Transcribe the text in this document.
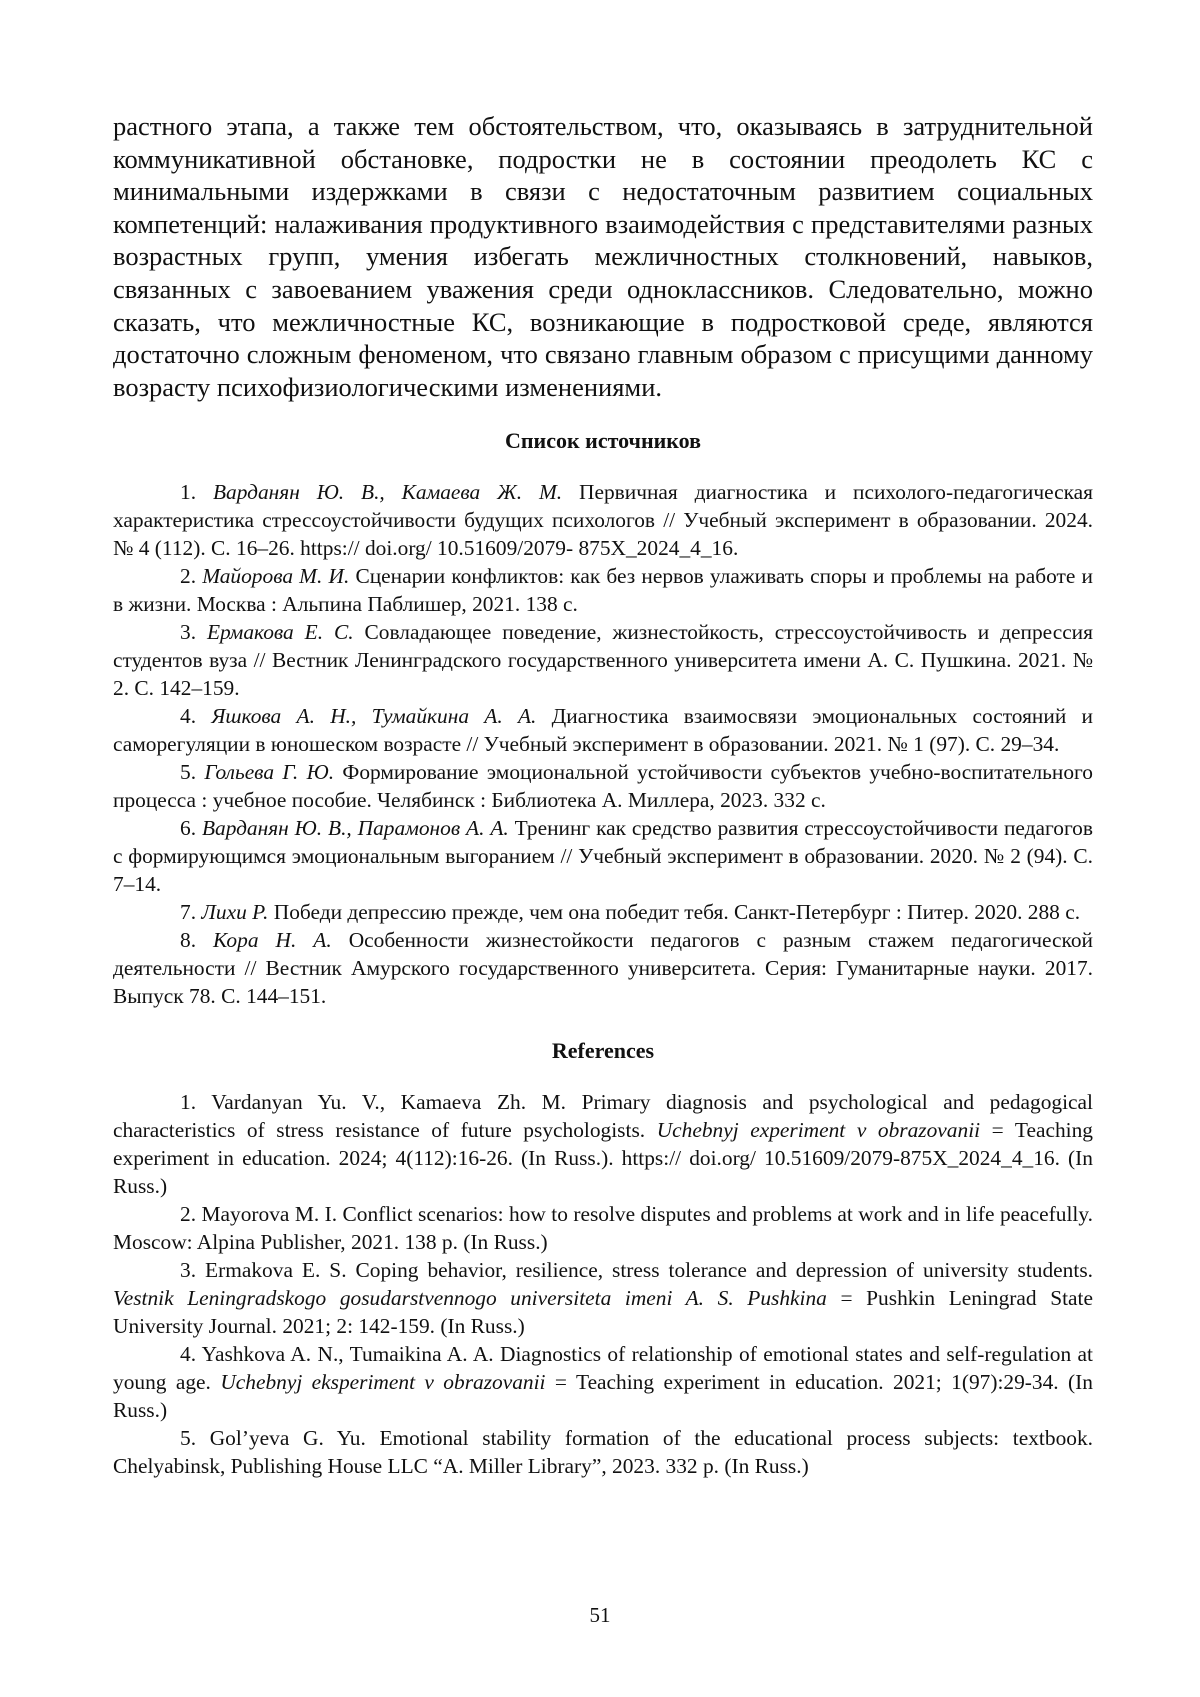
растного этапа, а также тем обстоятельством, что, оказываясь в затруднительной коммуникативной обстановке, подростки не в состоянии преодолеть КС с минимальными издержками в связи с недостаточным развитием социальных компетенций: налаживания продуктивного взаимодействия с представителями разных возрастных групп, умения избегать межличностных столкновений, навыков, связанных с завоеванием уважения среди одноклассников. Следовательно, можно сказать, что межличностные КС, возникающие в подростковой среде, являются достаточно сложным феноменом, что связано главным образом с присущими данному возрасту психофизиологическими изменениями.

Список источников

1. Варданян Ю. В., Камаева Ж. М. Первичная диагностика и психолого-педагогическая характеристика стрессоустойчивости будущих психологов // Учебный эксперимент в образовании. 2024. № 4 (112). С. 16–26. https:// doi.org/ 10.51609/2079- 875X_2024_4_16.

2. Майорова М. И. Сценарии конфликтов: как без нервов улаживать споры и проблемы на работе и в жизни. Москва : Альпина Паблишер, 2021. 138 с.

3. Ермакова Е. С. Совладающее поведение, жизнестойкость, стрессоустойчивость и депрессия студентов вуза // Вестник Ленинградского государственного университета имени А. С. Пушкина. 2021. № 2. С. 142–159.

4. Яшкова А. Н., Тумайкина А. А. Диагностика взаимосвязи эмоциональных состояний и саморегуляции в юношеском возрасте // Учебный эксперимент в образовании. 2021. № 1 (97). С. 29–34.

5. Гольева Г. Ю. Формирование эмоциональной устойчивости субъектов учебно-воспитательного процесса : учебное пособие. Челябинск : Библиотека А. Миллера, 2023. 332 с.

6. Варданян Ю. В., Парамонов А. А. Тренинг как средство развития стрессоустойчивости педагогов с формирующимся эмоциональным выгоранием // Учебный эксперимент в образовании. 2020. № 2 (94). С. 7–14.

7. Лихи Р. Победи депрессию прежде, чем она победит тебя. Санкт-Петербург : Питер. 2020. 288 с.

8. Кора Н. А. Особенности жизнестойкости педагогов с разным стажем педагогической деятельности // Вестник Амурского государственного университета. Серия: Гуманитарные науки. 2017. Выпуск 78. С. 144–151.

References

1. Vardanyan Yu. V., Kamaeva Zh. M. Primary diagnosis and psychological and pedagogical characteristics of stress resistance of future psychologists. Uchebnyj experiment v obrazovanii = Teaching experiment in education. 2024; 4(112):16-26. (In Russ.). https:// doi.org/ 10.51609/2079-875X_2024_4_16. (In Russ.)

2. Mayorova M. I. Conflict scenarios: how to resolve disputes and problems at work and in life peacefully. Moscow: Alpina Publisher, 2021. 138 p. (In Russ.)

3. Ermakova E. S. Coping behavior, resilience, stress tolerance and depression of university students. Vestnik Leningradskogo gosudarstvennogo universiteta imeni A. S. Pushkina = Pushkin Leningrad State University Journal. 2021; 2: 142-159. (In Russ.)

4. Yashkova A. N., Tumaikina A. A. Diagnostics of relationship of emotional states and self-regulation at young age. Uchebnyj eksperiment v obrazovanii = Teaching experiment in education. 2021; 1(97):29-34. (In Russ.)

5. Gol’yeva G. Yu. Emotional stability formation of the educational process subjects: textbook. Chelyabinsk, Publishing House LLC “A. Miller Library”, 2023. 332 p. (In Russ.)

51
